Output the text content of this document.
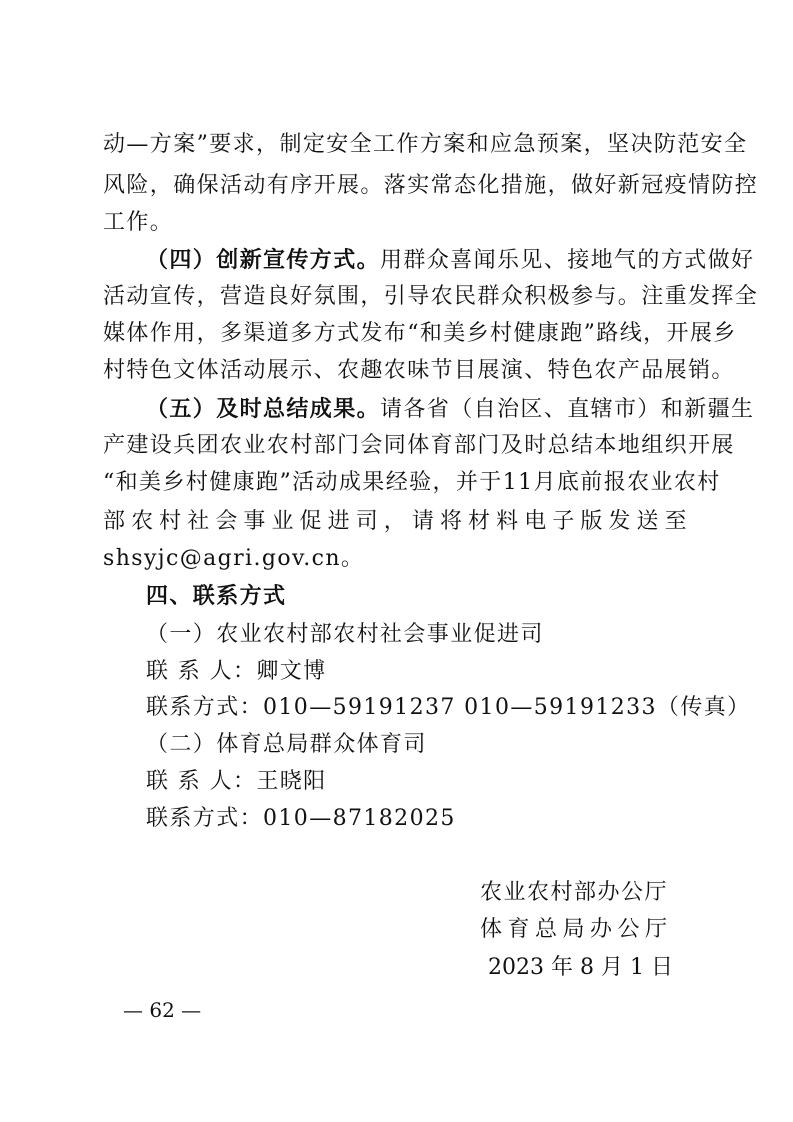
动—方案”要求，制定安全工作方案和应急预案，坚决防范安全
风险，确保活动有序开展。落实常态化措施，做好新冠疫情防控
工作。
（四）创新宣传方式。用群众喜闻乐见、接地气的方式做好
活动宣传，营造良好氛围，引导农民群众积极参与。注重发挥全
媒体作用，多渠道多方式发布“和美乡村健康跑”路线，开展乡
村特色文体活动展示、农趣农味节目展演、特色农产品展销。
（五）及时总结成果。请各省（自治区、直辖市）和新疆生
产建设兵团农业农村部门会同体育部门及时总结本地组织开展
“和美乡村健康跑”活动成果经验，并于11月底前报农业农村
部农村社会事业促进司，请将材料电子版发送至
shsyjc@agri.gov.cn。
四、联系方式
（一）农业农村部农村社会事业促进司
联 系 人：卿文博
联系方式：010—59191237 010—59191233（传真）
（二）体育总局群众体育司
联 系 人：王晓阳
联系方式：010—87182025
农业农村部办公厅
体育总局办公厅
2023 年 8 月 1 日
— 62 —
